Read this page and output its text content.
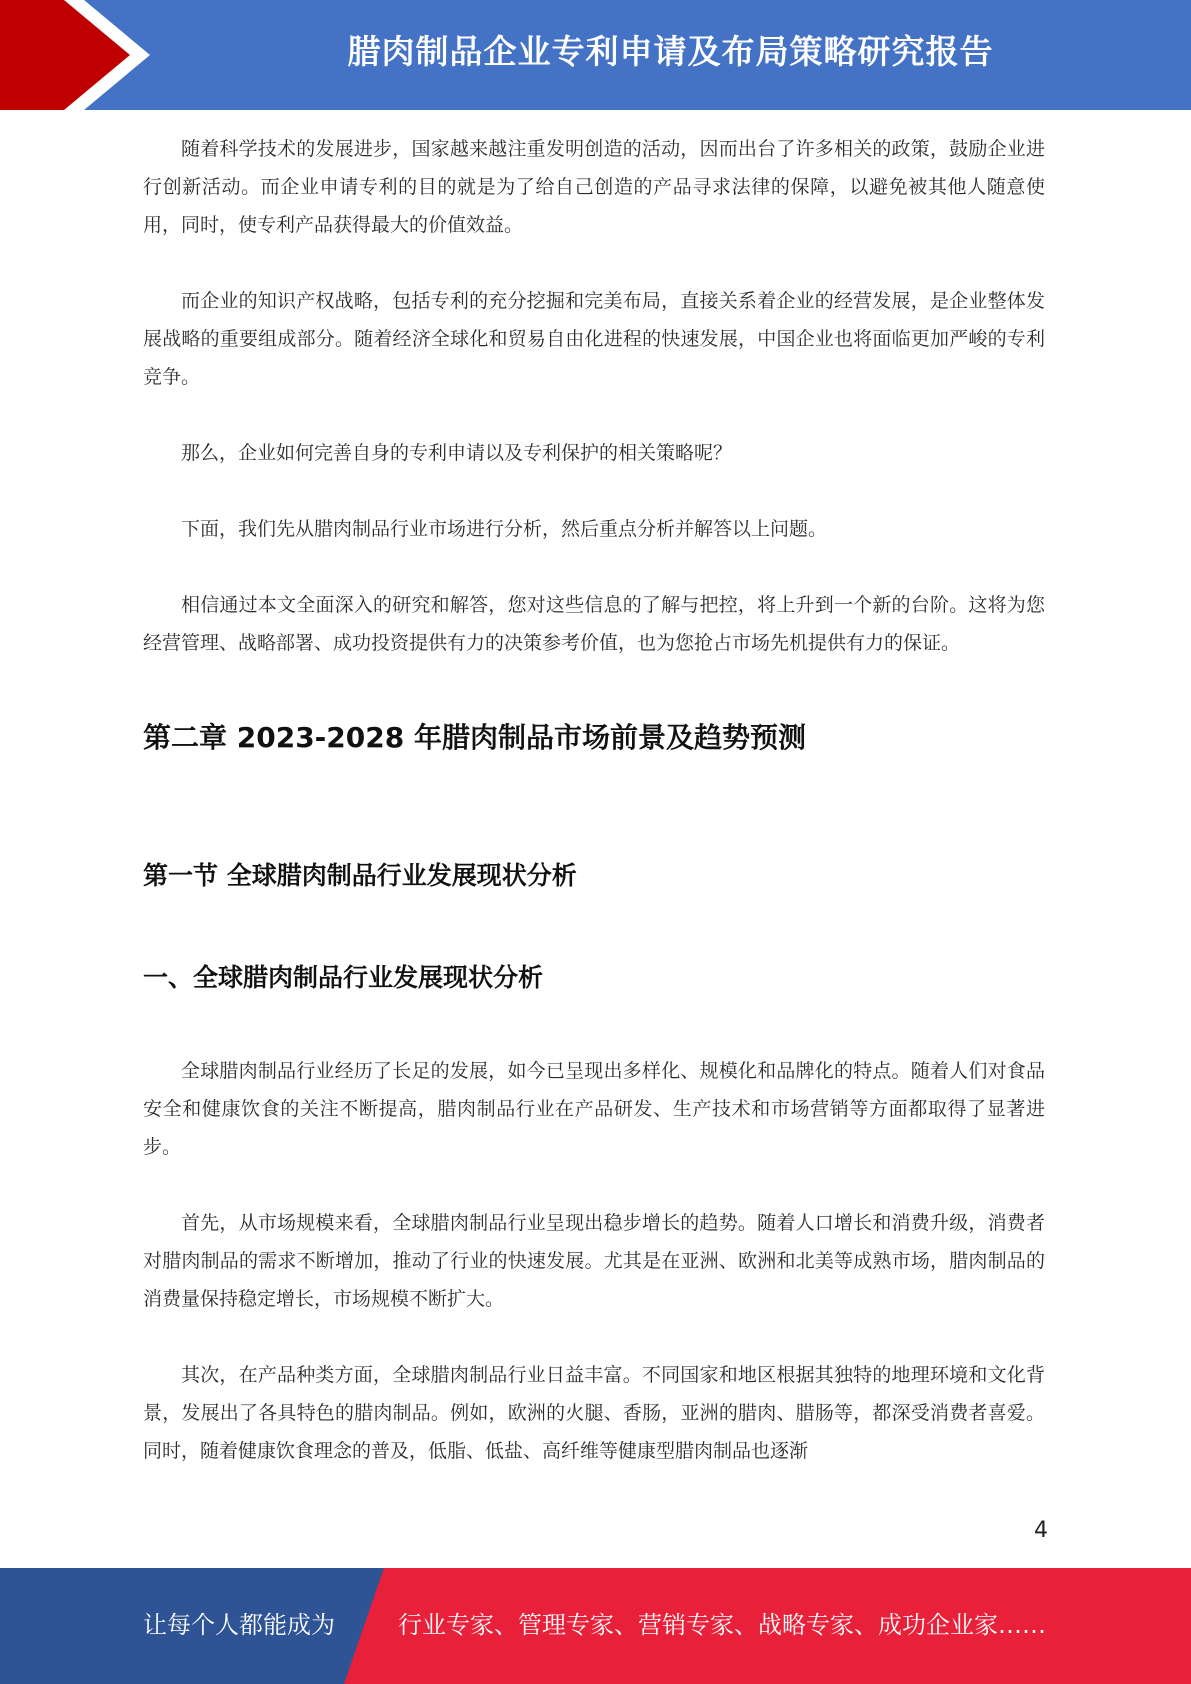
腊肉制品企业专利申请及布局策略研究报告

随着科学技术的发展进步，国家越来越注重发明创造的活动，因而出台了许多相关的政策，鼓励企业进行创新活动。而企业申请专利的目的就是为了给自己创造的产品寻求法律的保障，以避免被其他人随意使用，同时，使专利产品获得最大的价值效益。

而企业的知识产权战略，包括专利的充分挖掘和完美布局，直接关系着企业的经营发展，是企业整体发展战略的重要组成部分。随着经济全球化和贸易自由化进程的快速发展，中国企业也将面临更加严峻的专利竞争。

那么，企业如何完善自身的专利申请以及专利保护的相关策略呢？

下面，我们先从腊肉制品行业市场进行分析，然后重点分析并解答以上问题。

相信通过本文全面深入的研究和解答，您对这些信息的了解与把控，将上升到一个新的台阶。这将为您经营管理、战略部署、成功投资提供有力的决策参考价值，也为您抢占市场先机提供有力的保证。

第二章 2023-2028 年腊肉制品市场前景及趋势预测
第一节 全球腊肉制品行业发展现状分析
一、全球腊肉制品行业发展现状分析

全球腊肉制品行业经历了长足的发展，如今已呈现出多样化、规模化和品牌化的特点。随着人们对食品安全和健康饮食的关注不断提高，腊肉制品行业在产品研发、生产技术和市场营销等方面都取得了显著进步。

首先，从市场规模来看，全球腊肉制品行业呈现出稳步增长的趋势。随着人口增长和消费升级，消费者对腊肉制品的需求不断增加，推动了行业的快速发展。尤其是在亚洲、欧洲和北美等成熟市场，腊肉制品的消费量保持稳定增长，市场规模不断扩大。

其次，在产品种类方面，全球腊肉制品行业日益丰富。不同国家和地区根据其独特的地理环境和文化背景，发展出了各具特色的腊肉制品。例如，欧洲的火腿、香肠，亚洲的腊肉、腊肠等，都深受消费者喜爱。同时，随着健康饮食理念的普及，低脂、低盐、高纤维等健康型腊肉制品也逐渐

4
让每个人都能成为	行业专家、管理专家、营销专家、战略专家、成功企业家……
